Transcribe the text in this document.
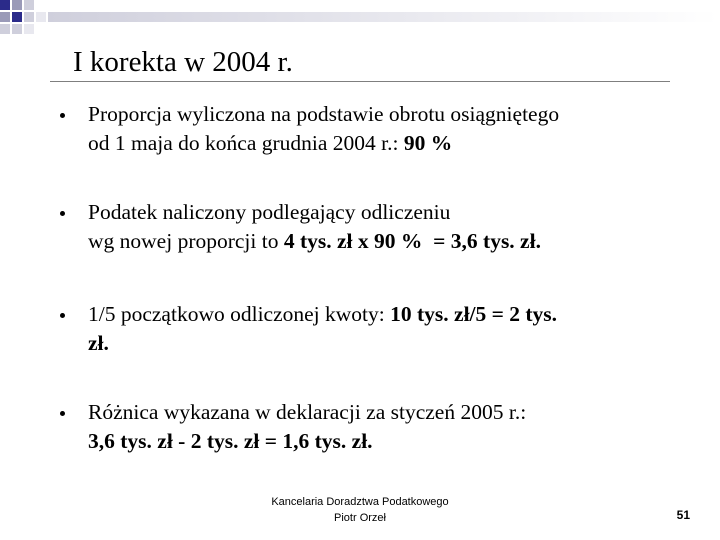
I korekta w 2004 r.
Proporcja wyliczona na podstawie obrotu osiągniętego
od 1 maja do końca grudnia 2004 r.: 90 %
Podatek naliczony podlegający odliczeniu
wg nowej proporcji to 4 tys. zł x 90 %  = 3,6 tys. zł.
1/5 początkowo odliczonej kwoty: 10 tys. zł/5 = 2 tys.
zł.
Różnica wykazana w deklaracji za styczeń 2005 r.:
3,6 tys. zł - 2 tys. zł = 1,6 tys. zł.
Kancelaria Doradztwa Podatkowego
Piotr Orzeł	51
